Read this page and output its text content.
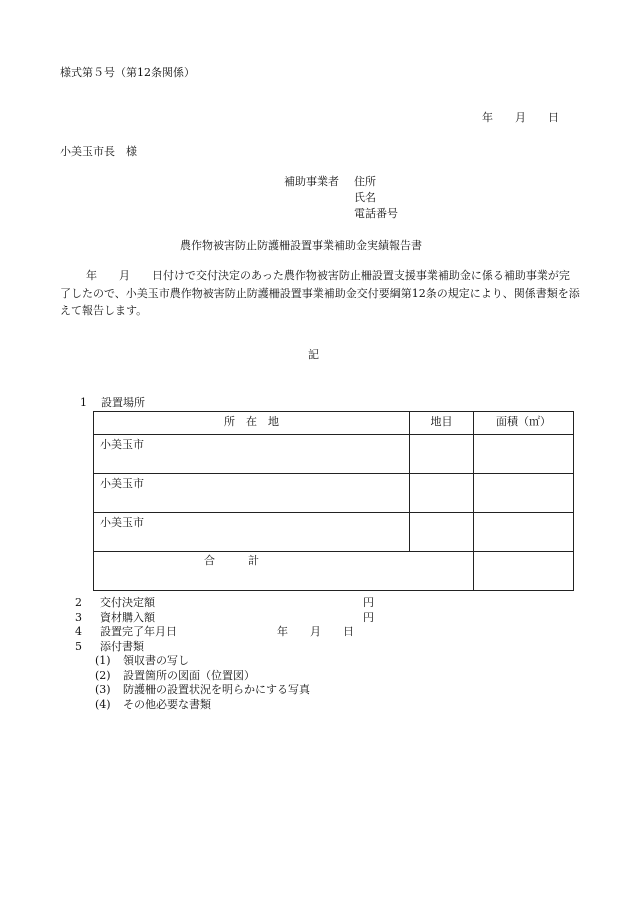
様式第５号（第12条関係）
年　　月　　日
小美玉市長　様
補助事業者 住所
氏名
電話番号
農作物被害防止防護柵設置事業補助金実績報告書
年　　月　　日付けで交付決定のあった農作物被害防止柵設置支援事業補助金に係る補助事業が完了したので、小美玉市農作物被害防止防護柵設置事業補助金交付要綱第12条の規定により、関係書類を添えて報告します。
記
1 設置場所
所　在　地	地目	面積（㎡）
小美玉市		
小美玉市		
小美玉市		
合　　　計		
2 交付決定額	円
3 資材購入額	円
4 設置完了年月日	年　　月　　日
5 添付書類
(1) 領収書の写し
(2) 設置箇所の図面（位置図）
(3) 防護柵の設置状況を明らかにする写真
(4) その他必要な書類
